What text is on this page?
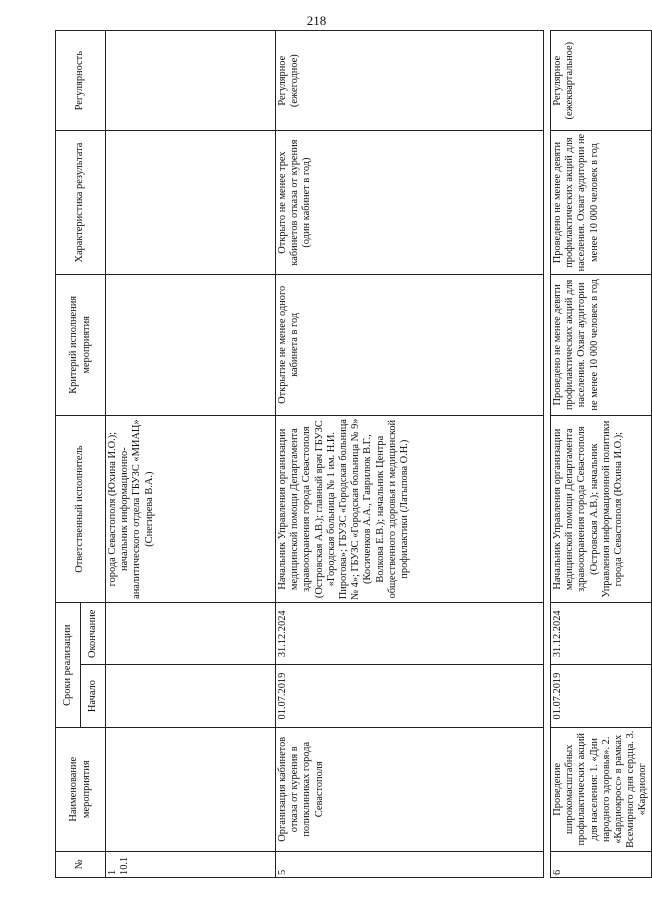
218
№	Наименование мероприятия	Сроки реализации		Ответственный исполнитель	Критерий исполнения мероприятия	Характеристика результата	Регулярность
		Начало	Окончание				
1 10.1				города Севастополя (Юхина И.О.); начальник информационно-аналитического отдела ГБУЗС «МИАЦ» (Снегирева В.А.)			
5	Организация кабинетов отказа от курения в поликлиниках города Севастополя	01.07.2019	31.12.2024	Начальник Управления организации медицинской помощи Департамента здравоохранения города Севастополя (Островская А.В.); главный врач ГБУЗС «Городская больница № 1 им. Н.И. Пирогова»; ГБУЗС «Городская больница № 4»; ГБУЗС «Городская больница № 9» (Косиченков А.А., Гаврилюк В.Г., Волкова Е.В.); начальник Центра общественного здоровья и медицинской профилактики (Латыпова О.Н.)	Открытие не менее одного кабинета в год	Открыто не менее трех кабинетов отказа от курения (один кабинет в год)	Регулярное (ежегодное)

6	Проведение широкомасштабных профилактических акций для населения: 1. «Дни народного здоровья». 2. «Кардиокросс» в рамках Всемирного дня сердца. 3. «Кардиолог	01.07.2019	31.12.2024	Начальник Управления организации медицинской помощи Департамента здравоохранения города Севастополя (Островская А.В.); начальник Управления информационной политики города Севастополя (Юхина И.О.);	Проведено не менее девяти профилактических акций для населения. Охват аудитории не менее 10 000 человек в год	Проведено не менее девяти профилактических акций для населения. Охват аудитории не менее 10 000 человек в год	Регулярное (ежеквартальное)
